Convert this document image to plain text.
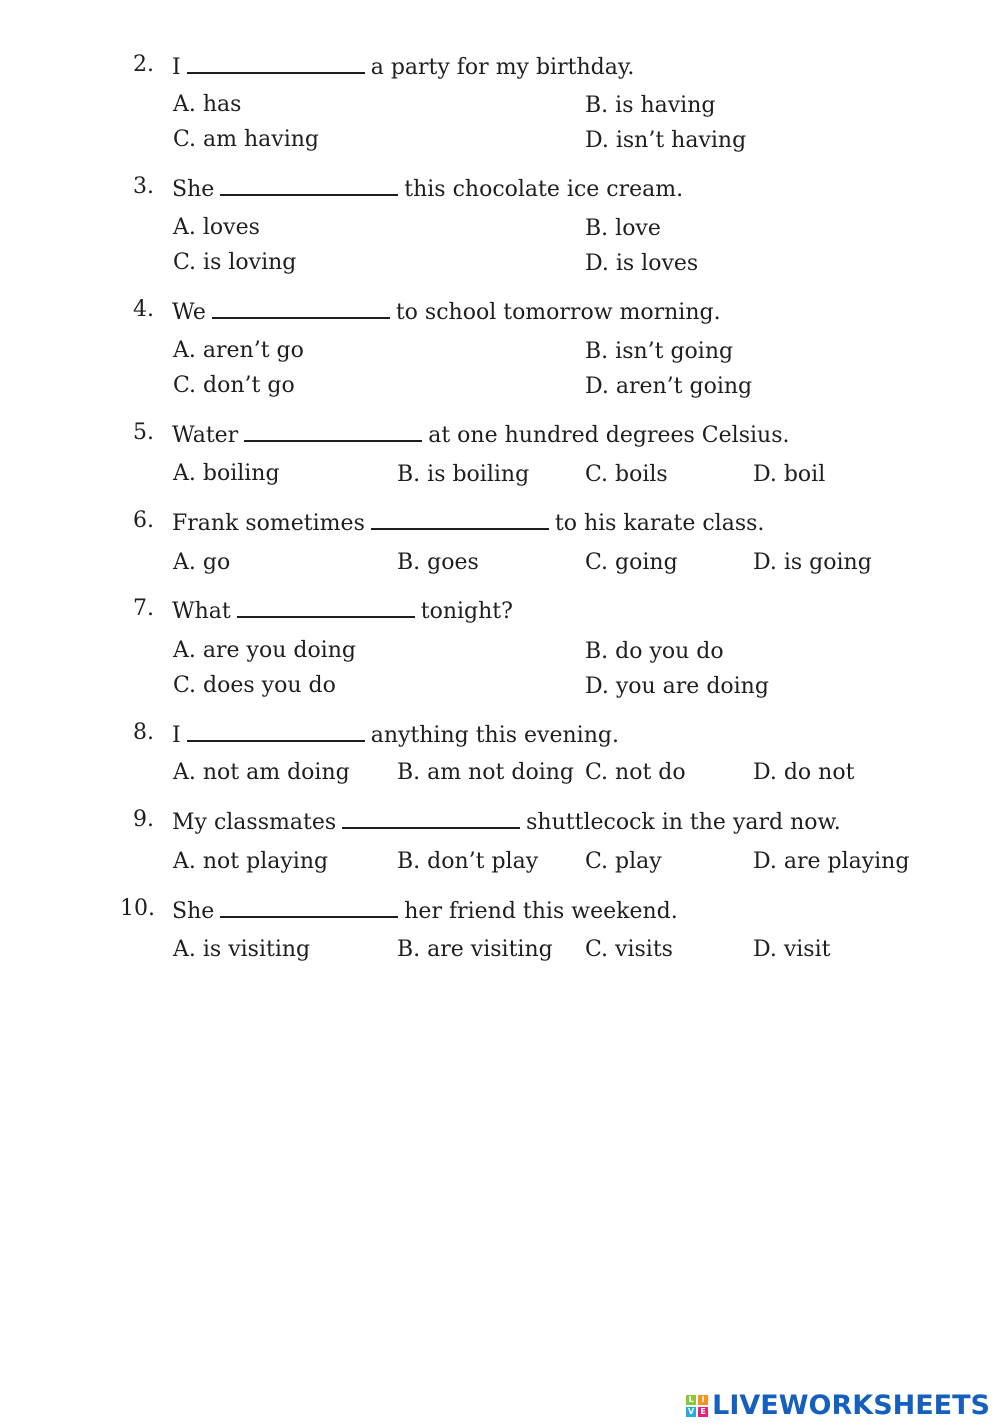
2. I	a party for my birthday.
A. has	B. is having
C. am having	D. isn’t having
3. She	this chocolate ice cream.
A. loves	B. love
C. is loving	D. is loves
4. We	to school tomorrow morning.
A. aren’t go	B. isn’t going
C. don’t go	D. aren’t going
5. Water	at one hundred degrees Celsius.
A. boiling	B. is boiling	C. boils	D. boil
6. Frank sometimes	to his karate class.
A. go	B. goes	C. going	D. is going
7. What	tonight?
A. are you doing	B. do you do
C. does you do	D. you are doing
8. I	anything this evening.
A. not am doing B. am not doing C. not do	D. do not
9. My classmates	shuttlecock in the yard now.
A. not playing	B. don’t play C. play	D. are playing
10. She	her friend this weekend.
A. is visiting	B. are visiting C. visits	D. visit
L I
V E LIVEWORKSHEETS
